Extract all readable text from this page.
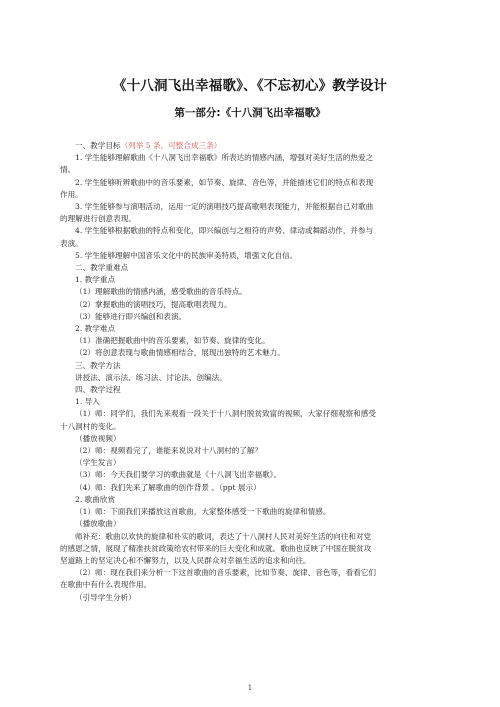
《十八洞飞出幸福歌》、《不忘初心》教学设计
第一部分:《十八洞飞出幸福歌》
一、教学目标（列举 5 条，可整合成三条）
1. 学生能够理解歌曲《十八洞飞出幸福歌》所表达的情感内涵，增强对美好生活的热爱之
情。
2. 学生能够听辨歌曲中的音乐要素，如节奏、旋律、音色等，并能描述它们的特点和表现
作用。
3. 学生能够参与演唱活动，运用一定的演唱技巧提高歌唱表现能力，并能根据自己对歌曲
的理解进行创意表现。
4. 学生能够根据歌曲的特点和变化，即兴编创与之相符的声势、律动或舞蹈动作，并参与
表演。
5. 学生能够理解中国音乐文化中的民族审美特质，增强文化自信。
二、教学重难点
1. 教学重点
（1）理解歌曲的情感内涵，感受歌曲的音乐特点。
（2）掌握歌曲的演唱技巧，提高歌唱表现力。
（3）能够进行即兴编创和表演。
2. 教学难点
（1）准确把握歌曲中的音乐要素，如节奏、旋律的变化。
（2）将创意表现与歌曲情感相结合，展现出独特的艺术魅力。
三、教学方法
讲授法、演示法、练习法、讨论法、创编法。
四、教学过程
1. 导入
（1）师：同学们，我们先来观看一段关于十八洞村脱贫致富的视频，大家仔细观察和感受
十八洞村的变化。
（播放视频）
（2）师：视频看完了，谁能来说说对十八洞村的了解？
（学生发言）
（3）师：今天我们要学习的歌曲就是《十八洞飞出幸福歌》。
（4）师：我们先来了解歌曲的创作背景 。（ppt 展示）
2. 歌曲欣赏
（1）师：下面我们来播放这首歌曲，大家整体感受一下歌曲的旋律和情感。
（播放歌曲）
师补充：歌曲以欢快的旋律和朴实的歌词，表达了十八洞村人民对美好生活的向往和对党
的感恩之情，展现了精准扶贫政策给农村带来的巨大变化和成就。歌曲也反映了中国在脱贫攻
坚道路上的坚定决心和不懈努力，以及人民群众对幸福生活的追求和向往。
（2）师：现在我们来分析一下这首歌曲的音乐要素，比如节奏、旋律、音色等，看看它们
在歌曲中有什么表现作用。
（引导学生分析）
1
